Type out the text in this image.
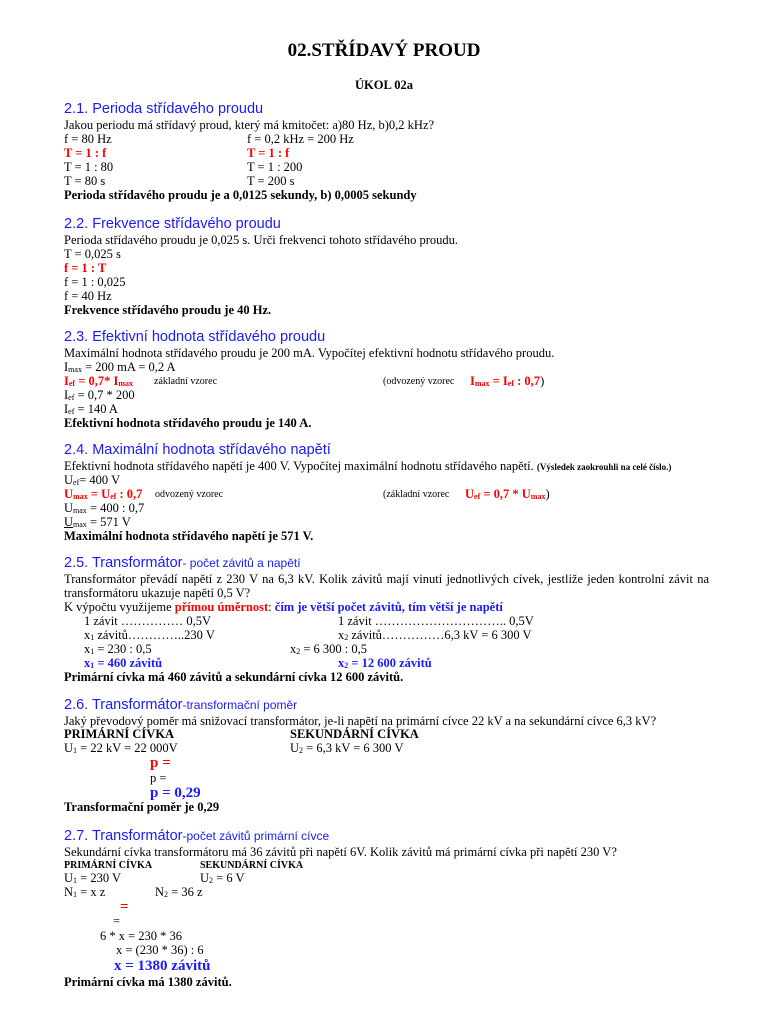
02.STŘÍDAVÝ PROUD
ÚKOL 02a
2.1. Perioda střídavého proudu
Jakou periodu má střídavý proud, který má kmitočet: a)80 Hz, b)0,2 kHz?
f = 80 Hz	f = 0,2 kHz = 200 Hz
T = 1 : f	T = 1 : f
T = 1 : 80	T = 1 : 200
T = 80 s	T = 200 s
Perioda střídavého proudu je a 0,0125 sekundy, b) 0,0005 sekundy
2.2. Frekvence střídavého proudu
Perioda střídavého proudu je 0,025 s. Urči frekvenci tohoto střídavého proudu.
T = 0,025 s
f = 1 : T
f = 1 : 0,025
f = 40 Hz
Frekvence střídavého proudu je 40 Hz.
2.3. Efektivní hodnota střídavého proudu
Maximální hodnota střídavého proudu je 200 mA. Vypočítej efektivní hodnotu střídavého proudu.
$I_{max} = 200$ mA = 0,2 A
$I_{ef} = 0,7*$ $I_{max}$ základní vzorec	(odvozený vzorec $I_{max} = I_{ef}$ : 0,7)
$I_{ef} = 0,7 * 200$
$I_{ef} = 140$ A
Efektivní hodnota střídavého proudu je 140 A.
2.4. Maximální hodnota střídavého napětí
Efektivní hodnota střídavého napětí je 400 V. Vypočítej maximální hodnotu střídavého napětí. (Výsledek zaokrouhli na celé číslo.)
$U_{ef}= 400$ V
$U_{max} = U_{ef}$ : 0,7 odvozený vzorec	(základní vzorec $U_{ef} = 0,7 * U_{max}$)
$U_{max} = 400$ : 0,7
$U_{max} = 571$ V
Maximální hodnota střídavého napětí je 571 V.
2.5. Transformátor- počet závitů a napětí
Transformátor převádí napětí z 230 V na 6,3 kV. Kolik závitů mají vinutí jednotlivých cívek, jestliže jeden kontrolní závit na transformátoru ukazuje napětí 0,5 V?
K výpočtu využijeme přímou úměrnost: čím je větší počet závitů, tím větší je napětí
1 závit …………… 0,5V	1 závit ………………………….. 0,5V
$x_1$ závitů…………..230 V	$x_2$ závitů……………6,3 kV = 6 300 V
$x_1 = 230$ : 0,5	$x_2 = 6$ 300 : 0,5
$x_1 = 460$ závitů	$x_2 = 12$ 600 závitů
Primární cívka má 460 závitů a sekundární cívka 12 600 závitů.
2.6. Transformátor-transformační poměr
Jaký převodový poměr má snižovací transformátor, je-li napětí na primární cívce 22 kV a na sekundární cívce 6,3 kV?
PRIMÁRNÍ CÍVKA	SEKUNDÁRNÍ CÍVKA
$U_1 = 22$ kV = 22 000V	$U_2 = 6,3$ kV = 6 300 V
p =
p =
p = 0,29
Transformační poměr je 0,29
2.7. Transformátor-počet závitů primární cívce
Sekundární cívka transformátoru má 36 závitů při napětí 6V. Kolik závitů má primární cívka při napětí 230 V?
PRIMÁRNÍ CÍVKA	SEKUNDÁRNÍ CÍVKA
$U_1 = 230$ V	$U_2 = 6$ V
$N_1 = x$ z	$N_2 = 36$ z
=
=
6 * x = 230 * 36
x = (230 * 36) : 6
x = 1380 závitů
Primární cívka má 1380 závitů.
